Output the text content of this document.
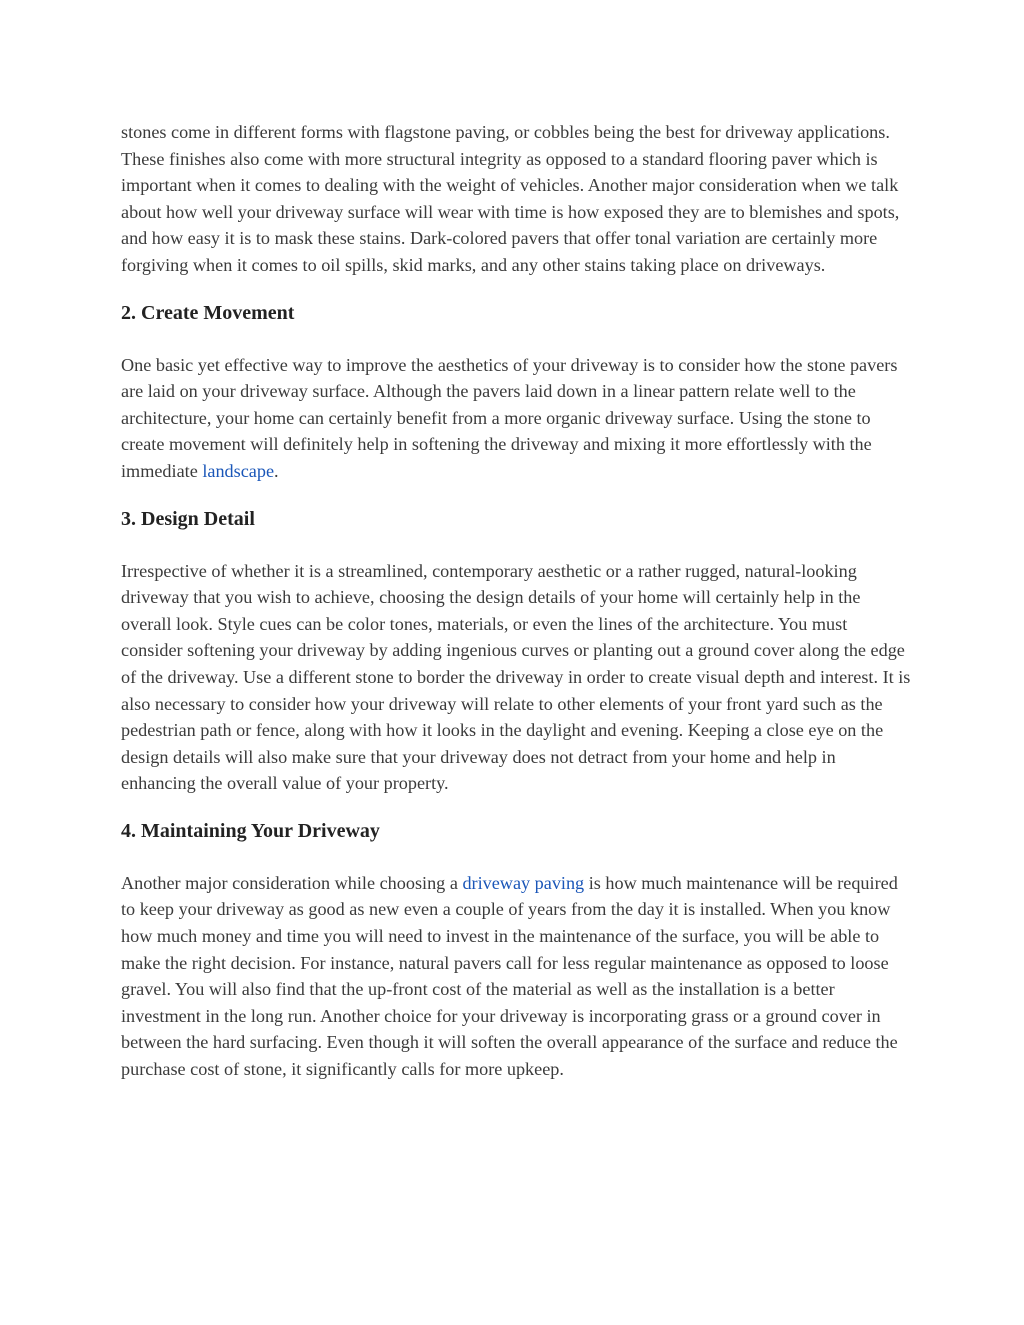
stones come in different forms with flagstone paving, or cobbles being the best for driveway applications. These finishes also come with more structural integrity as opposed to a standard flooring paver which is important when it comes to dealing with the weight of vehicles. Another major consideration when we talk about how well your driveway surface will wear with time is how exposed they are to blemishes and spots, and how easy it is to mask these stains. Dark-colored pavers that offer tonal variation are certainly more forgiving when it comes to oil spills, skid marks, and any other stains taking place on driveways.

2. Create Movement

One basic yet effective way to improve the aesthetics of your driveway is to consider how the stone pavers are laid on your driveway surface. Although the pavers laid down in a linear pattern relate well to the architecture, your home can certainly benefit from a more organic driveway surface. Using the stone to create movement will definitely help in softening the driveway and mixing it more effortlessly with the immediate landscape.

3. Design Detail

Irrespective of whether it is a streamlined, contemporary aesthetic or a rather rugged, natural-looking driveway that you wish to achieve, choosing the design details of your home will certainly help in the overall look. Style cues can be color tones, materials, or even the lines of the architecture. You must consider softening your driveway by adding ingenious curves or planting out a ground cover along the edge of the driveway. Use a different stone to border the driveway in order to create visual depth and interest. It is also necessary to consider how your driveway will relate to other elements of your front yard such as the pedestrian path or fence, along with how it looks in the daylight and evening. Keeping a close eye on the design details will also make sure that your driveway does not detract from your home and help in enhancing the overall value of your property.

4. Maintaining Your Driveway

Another major consideration while choosing a driveway paving is how much maintenance will be required to keep your driveway as good as new even a couple of years from the day it is installed. When you know how much money and time you will need to invest in the maintenance of the surface, you will be able to make the right decision. For instance, natural pavers call for less regular maintenance as opposed to loose gravel. You will also find that the up-front cost of the material as well as the installation is a better investment in the long run. Another choice for your driveway is incorporating grass or a ground cover in between the hard surfacing. Even though it will soften the overall appearance of the surface and reduce the purchase cost of stone, it significantly calls for more upkeep.
